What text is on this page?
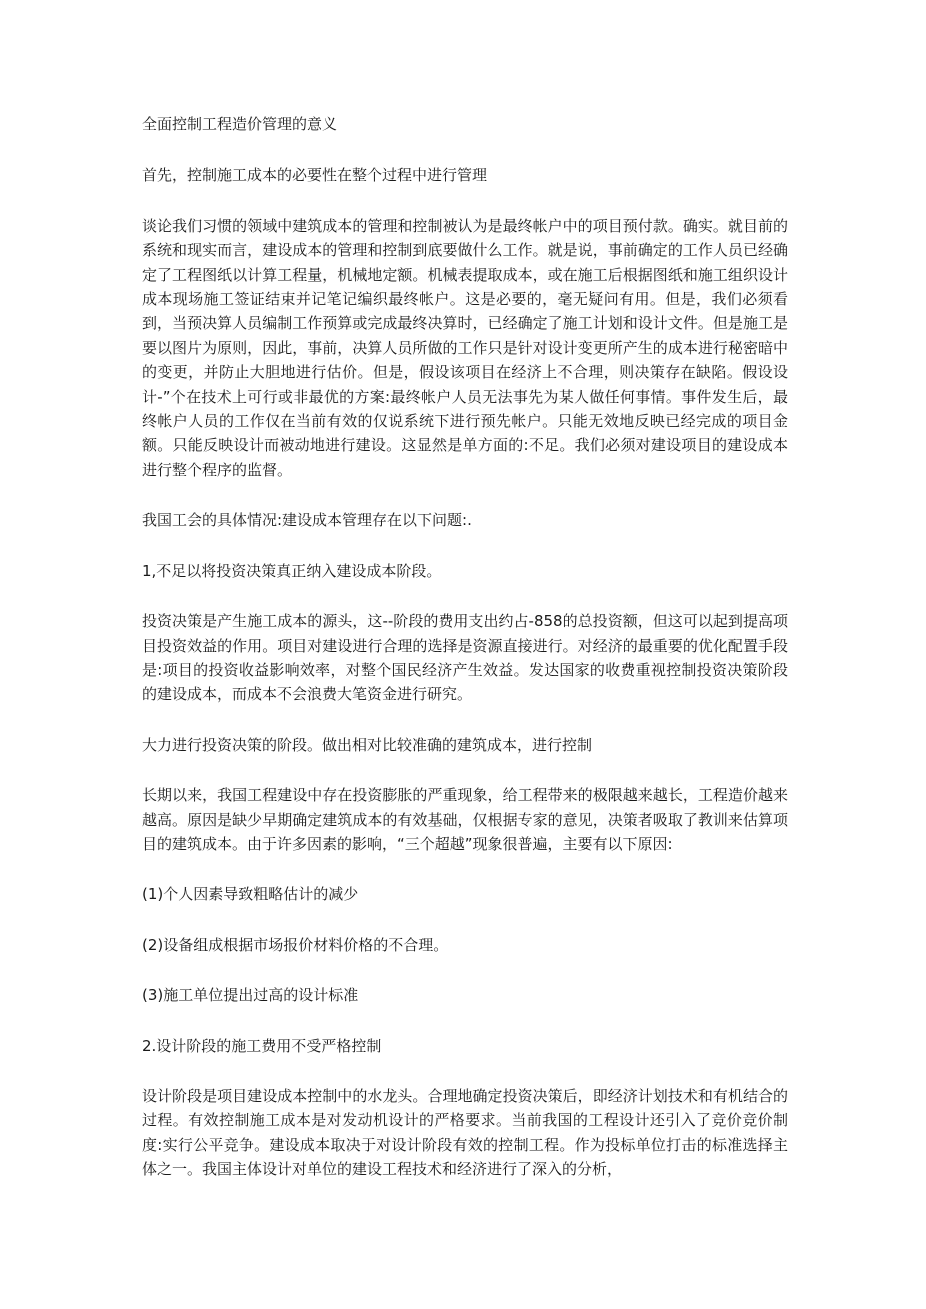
全面控制工程造价管理的意义

首先，控制施工成本的必要性在整个过程中进行管理

谈论我们习惯的领域中建筑成本的管理和控制被认为是最终帐户中的项目预付款。确实。就目前的系统和现实而言，建设成本的管理和控制到底要做什么工作。就是说，事前确定的工作人员已经确定了工程图纸以计算工程量，机械地定额。机械表提取成本，或在施工后根据图纸和施工组织设计成本现场施工签证结束并记笔记编织最终帐户。这是必要的，毫无疑问有用。但是，我们必须看到，当预决算人员编制工作预算或完成最终决算时，已经确定了施工计划和设计文件。但是施工是要以图片为原则，因此，事前，决算人员所做的工作只是针对设计变更所产生的成本进行秘密暗中的变更，并防止大胆地进行估价。但是，假设该项目在经济上不合理，则决策存在缺陷。假设设计-”个在技术上可行或非最优的方案:最终帐户人员无法事先为某人做任何事情。事件发生后，最终帐户人员的工作仅在当前有效的仅说系统下进行预先帐户。只能无效地反映已经完成的项目金额。只能反映设计而被动地进行建设。这显然是单方面的:不足。我们必须对建设项目的建设成本进行整个程序的监督。

我国工会的具体情况:建设成本管理存在以下问题:.

1,不足以将投资决策真正纳入建设成本阶段。

投资决策是产生施工成本的源头，这--阶段的费用支出约占-858的总投资额，但这可以起到提高项目投资效益的作用。项目对建设进行合理的选择是资源直接进行。对经济的最重要的优化配置手段是:项目的投资收益影响效率，对整个国民经济产生效益。发达国家的收费重视控制投资决策阶段的建设成本，而成本不会浪费大笔资金进行研究。

大力进行投资决策的阶段。做出相对比较准确的建筑成本，进行控制

长期以来，我国工程建设中存在投资膨胀的严重现象，给工程带来的极限越来越长，工程造价越来越高。原因是缺少早期确定建筑成本的有效基础，仅根据专家的意见，决策者吸取了教训来估算项目的建筑成本。由于许多因素的影响，“三个超越”现象很普遍，主要有以下原因:

(1)个人因素导致粗略估计的减少

(2)设备组成根据市场报价材料价格的不合理。

(3)施工单位提出过高的设计标准

2.设计阶段的施工费用不受严格控制

设计阶段是项目建设成本控制中的水龙头。合理地确定投资决策后，即经济计划技术和有机结合的过程。有效控制施工成本是对发动机设计的严格要求。当前我国的工程设计还引入了竞价竞价制度:实行公平竞争。建设成本取决于对设计阶段有效的控制工程。作为投标单位打击的标准选择主体之一。我国主体设计对单位的建设工程技术和经济进行了深入的分析，
